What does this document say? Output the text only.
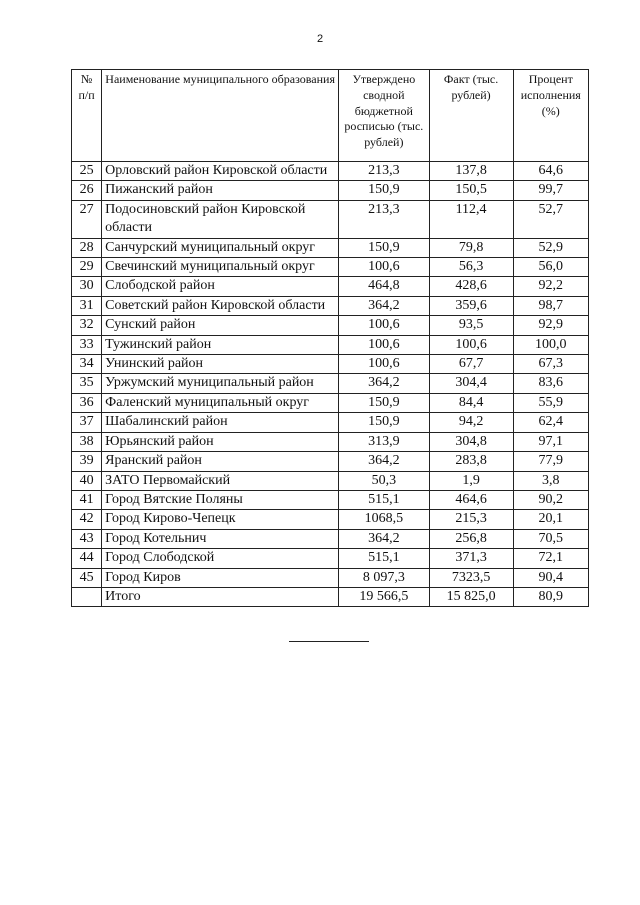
2
№ п/п	Наименование муниципального образования	Утверждено сводной бюджетной росписью (тыс. рублей)	Факт (тыс. рублей)	Процент исполнения (%)
25	Орловский район Кировской области	213,3	137,8	64,6
26	Пижанский район	150,9	150,5	99,7
27	Подосиновский район Кировской области	213,3	112,4	52,7
28	Санчурский муниципальный округ	150,9	79,8	52,9
29	Свечинский муниципальный округ	100,6	56,3	56,0
30	Слободской район	464,8	428,6	92,2
31	Советский район Кировской области	364,2	359,6	98,7
32	Сунский район	100,6	93,5	92,9
33	Тужинский район	100,6	100,6	100,0
34	Унинский район	100,6	67,7	67,3
35	Уржумский муниципальный район	364,2	304,4	83,6
36	Фаленский муниципальный округ	150,9	84,4	55,9
37	Шабалинский район	150,9	94,2	62,4
38	Юрьянский район	313,9	304,8	97,1
39	Яранский район	364,2	283,8	77,9
40	ЗАТО Первомайский	50,3	1,9	3,8
41	Город Вятские Поляны	515,1	464,6	90,2
42	Город Кирово-Чепецк	1068,5	215,3	20,1
43	Город Котельнич	364,2	256,8	70,5
44	Город Слободской	515,1	371,3	72,1
45	Город Киров	8 097,3	7323,5	90,4
	Итого	19 566,5	15 825,0	80,9
